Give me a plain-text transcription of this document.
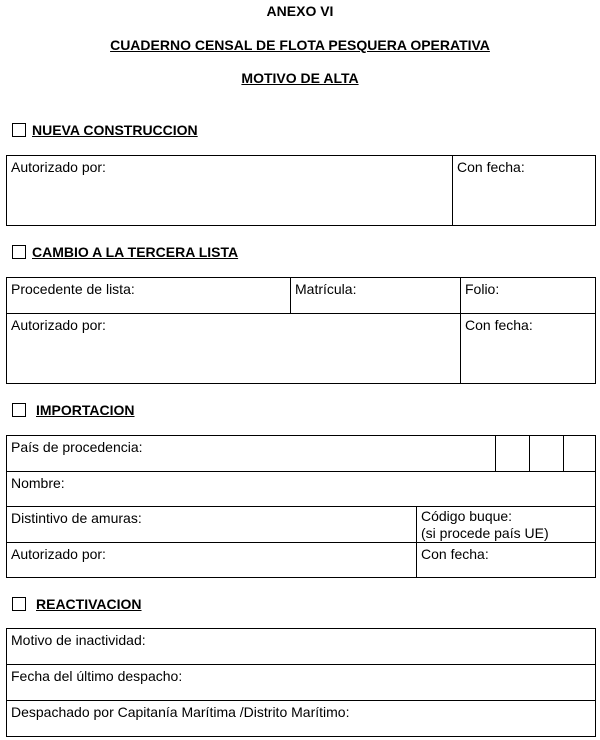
ANEXO VI
CUADERNO CENSAL DE FLOTA PESQUERA OPERATIVA
MOTIVO DE ALTA
NUEVA CONSTRUCCION
Autorizado por:	Con fecha:
CAMBIO A LA TERCERA LISTA
Procedente de lista:	Matrícula:	Folio:
Autorizado por:	Con fecha:
IMPORTACION
País de procedencia:
Nombre:
Distintivo de amuras:	Código buque:
(si procede país UE)
Autorizado por:	Con fecha:
REACTIVACION
Motivo de inactividad:
Fecha del último despacho:
Despachado por Capitanía Marítima /Distrito Marítimo:
